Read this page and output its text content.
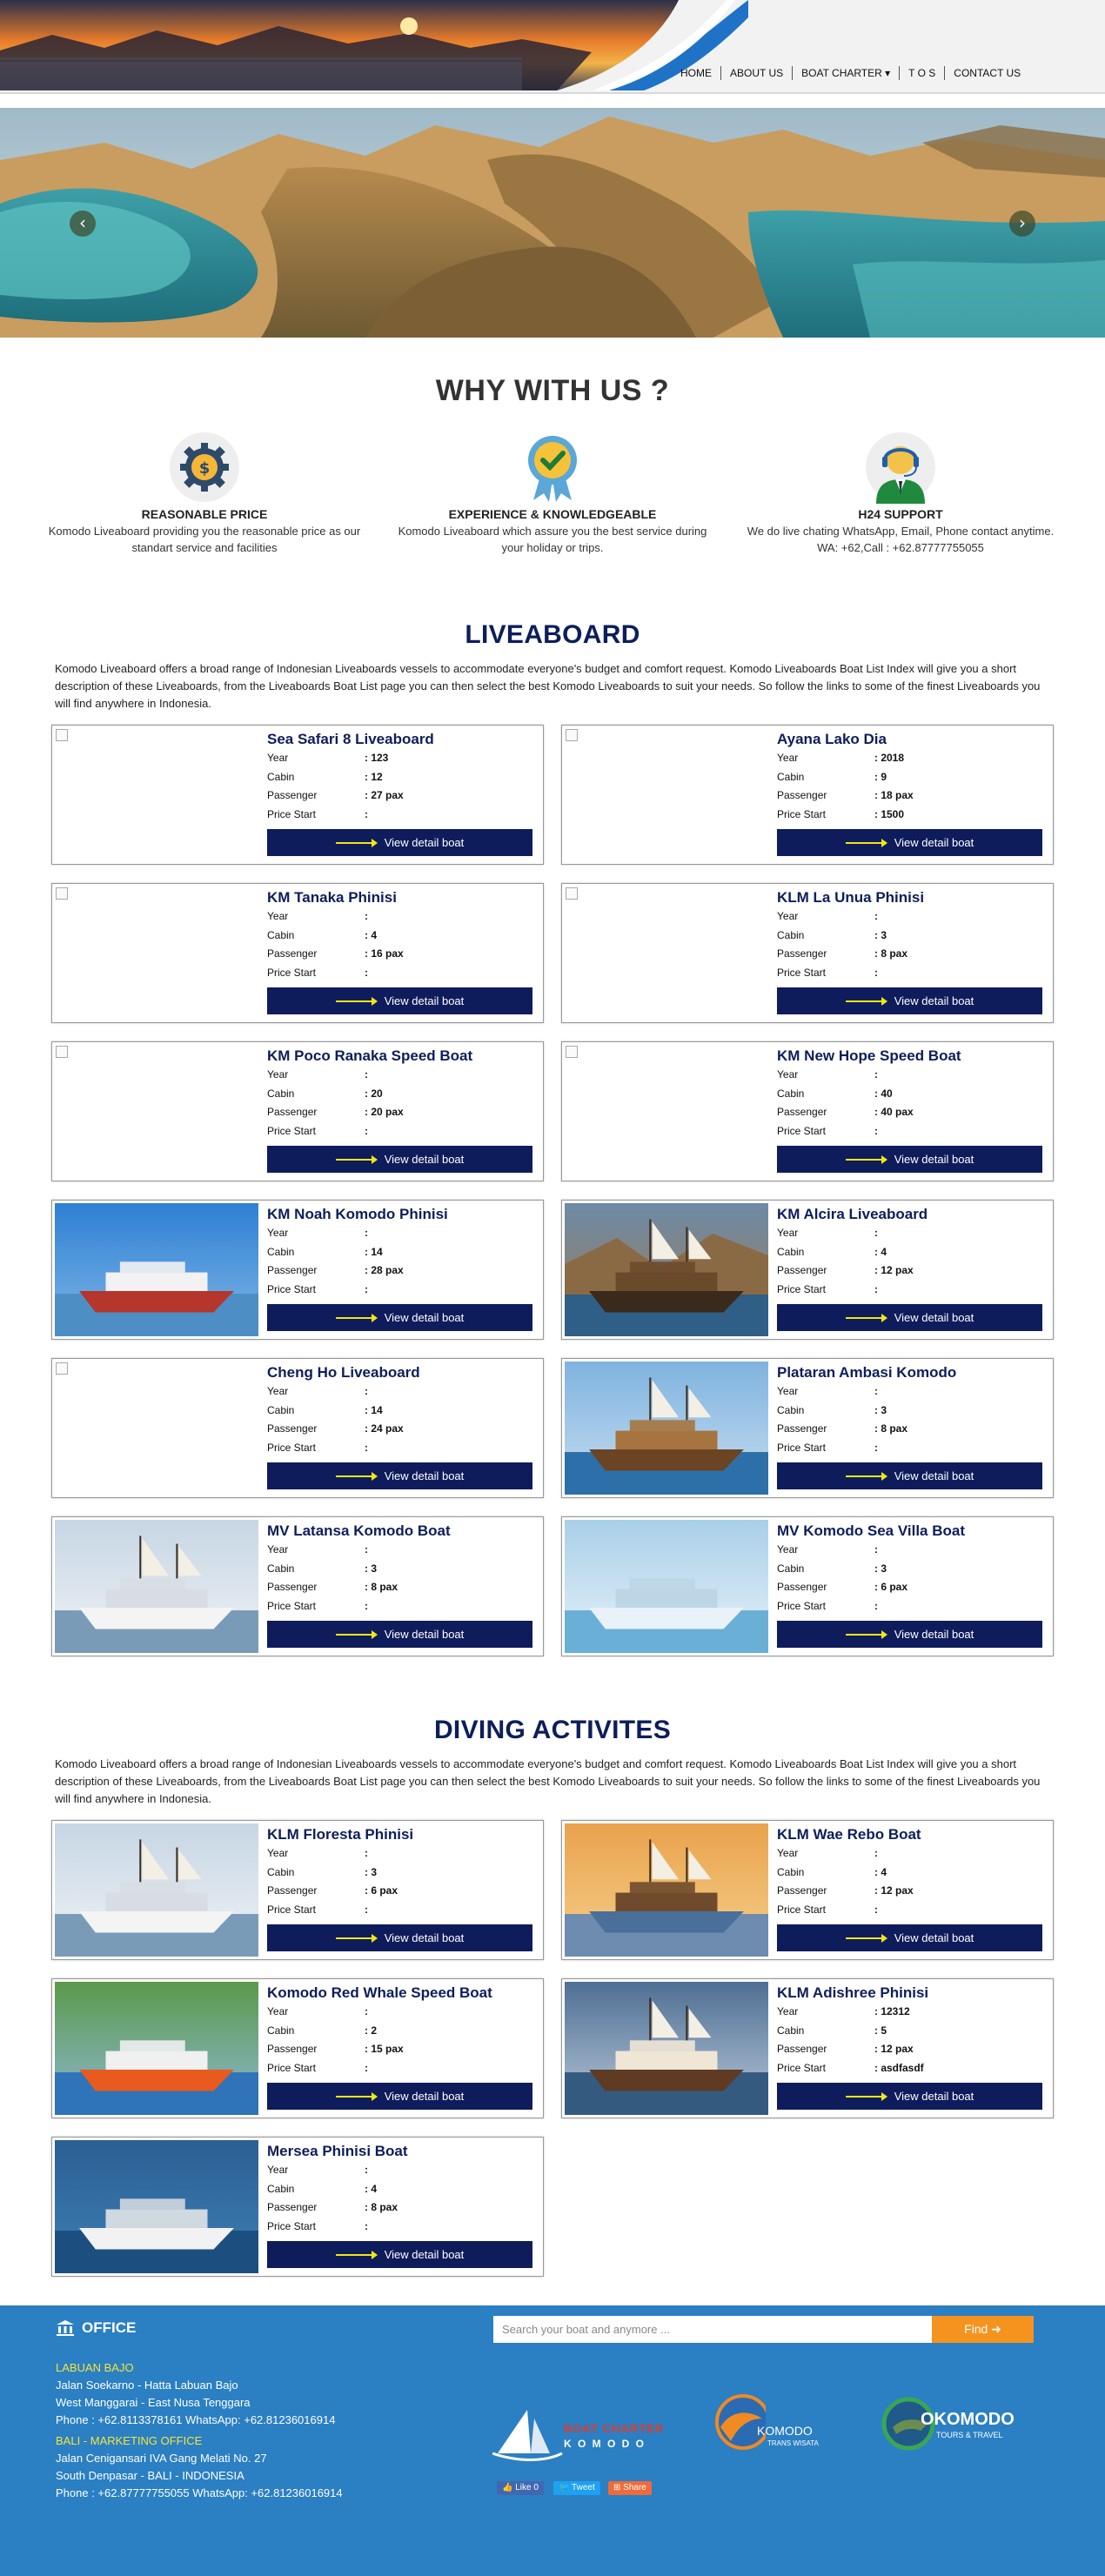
HOME	ABOUT US	BOAT CHARTER ▾	T O S	CONTACT US
‹	›
WHY WITH US ?
$
REASONABLE PRICE

Komodo Liveaboard providing you the reasonable price as our standart service and facilities

EXPERIENCE & KNOWLEDGEABLE

Komodo Liveaboard which assure you the best service during your holiday or trips.

H24 SUPPORT

We do live chating WhatsApp, Email, Phone contact anytime. WA: +62,Call : +62.87777755055

LIVEABOARD
Komodo Liveaboard offers a broad range of Indonesian Liveaboards vessels to accommodate everyone's budget and comfort request. Komodo Liveaboards Boat List Index will give you a short description of these Liveaboards, from the Liveaboards Boat List page you can then select the best Komodo Liveaboards to suit your needs. So follow the links to some of the finest Liveaboards you will find anywhere in Indonesia.
Sea Safari 8 Liveaboard
Year	: 123
Cabin	: 12
Passenger	: 27 pax
Price Start	:
View detail boat
Ayana Lako Dia
Year	: 2018
Cabin	: 9
Passenger	: 18 pax
Price Start	: 1500
View detail boat
KM Tanaka Phinisi
Year	:
Cabin	: 4
Passenger	: 16 pax
Price Start	:
View detail boat
KLM La Unua Phinisi
Year	:
Cabin	: 3
Passenger	: 8 pax
Price Start	:
View detail boat
KM Poco Ranaka Speed Boat
Year	:
Cabin	: 20
Passenger	: 20 pax
Price Start	:
View detail boat
KM New Hope Speed Boat
Year	:
Cabin	: 40
Passenger	: 40 pax
Price Start	:
View detail boat
KM Noah Komodo Phinisi
Year	:
Cabin	: 14
Passenger	: 28 pax
Price Start	:
View detail boat
KM Alcira Liveaboard
Year	:
Cabin	: 4
Passenger	: 12 pax
Price Start	:
View detail boat
Cheng Ho Liveaboard
Year	:
Cabin	: 14
Passenger	: 24 pax
Price Start	:
View detail boat
Plataran Ambasi Komodo
Year	:
Cabin	: 3
Passenger	: 8 pax
Price Start	:
View detail boat
MV Latansa Komodo Boat
Year	:
Cabin	: 3
Passenger	: 8 pax
Price Start	:
View detail boat
MV Komodo Sea Villa Boat
Year	:
Cabin	: 3
Passenger	: 6 pax
Price Start	:
View detail boat
DIVING ACTIVITES
Komodo Liveaboard offers a broad range of Indonesian Liveaboards vessels to accommodate everyone's budget and comfort request. Komodo Liveaboards Boat List Index will give you a short description of these Liveaboards, from the Liveaboards Boat List page you can then select the best Komodo Liveaboards to suit your needs. So follow the links to some of the finest Liveaboards you will find anywhere in Indonesia.
KLM Floresta Phinisi
Year	:
Cabin	: 3
Passenger	: 6 pax
Price Start	:
View detail boat
KLM Wae Rebo Boat
Year	:
Cabin	: 4
Passenger	: 12 pax
Price Start	:
View detail boat
Komodo Red Whale Speed Boat
Year	:
Cabin	: 2
Passenger	: 15 pax
Price Start	:
View detail boat
KLM Adishree Phinisi
Year	: 12312
Cabin	: 5
Passenger	: 12 pax
Price Start	: asdfasdf
View detail boat
Mersea Phinisi Boat
Year	:
Cabin	: 4
Passenger	: 8 pax
Price Start	:
View detail boat
OFFICE
LABUAN BAJO
Jalan Soekarno - Hatta Labuan Bajo
West Manggarai - East Nusa Tenggara
Phone : +62.8113378161 WhatsApp: +62.81236016914
BALI - MARKETING OFFICE
Jalan Cenigansari IVA Gang Melati No. 27
South Denpasar - BALI - INDONESIA
Phone : +62.87777755055 WhatsApp: +62.81236016914
Search your boat and anymore ...
Find ➜
BOAT CHARTER
K O M O D O
KOMODO
TRANS WISATA
OKOMODO
TOURS & TRAVEL
👍 Like 0	🐦 Tweet	⊞ Share
